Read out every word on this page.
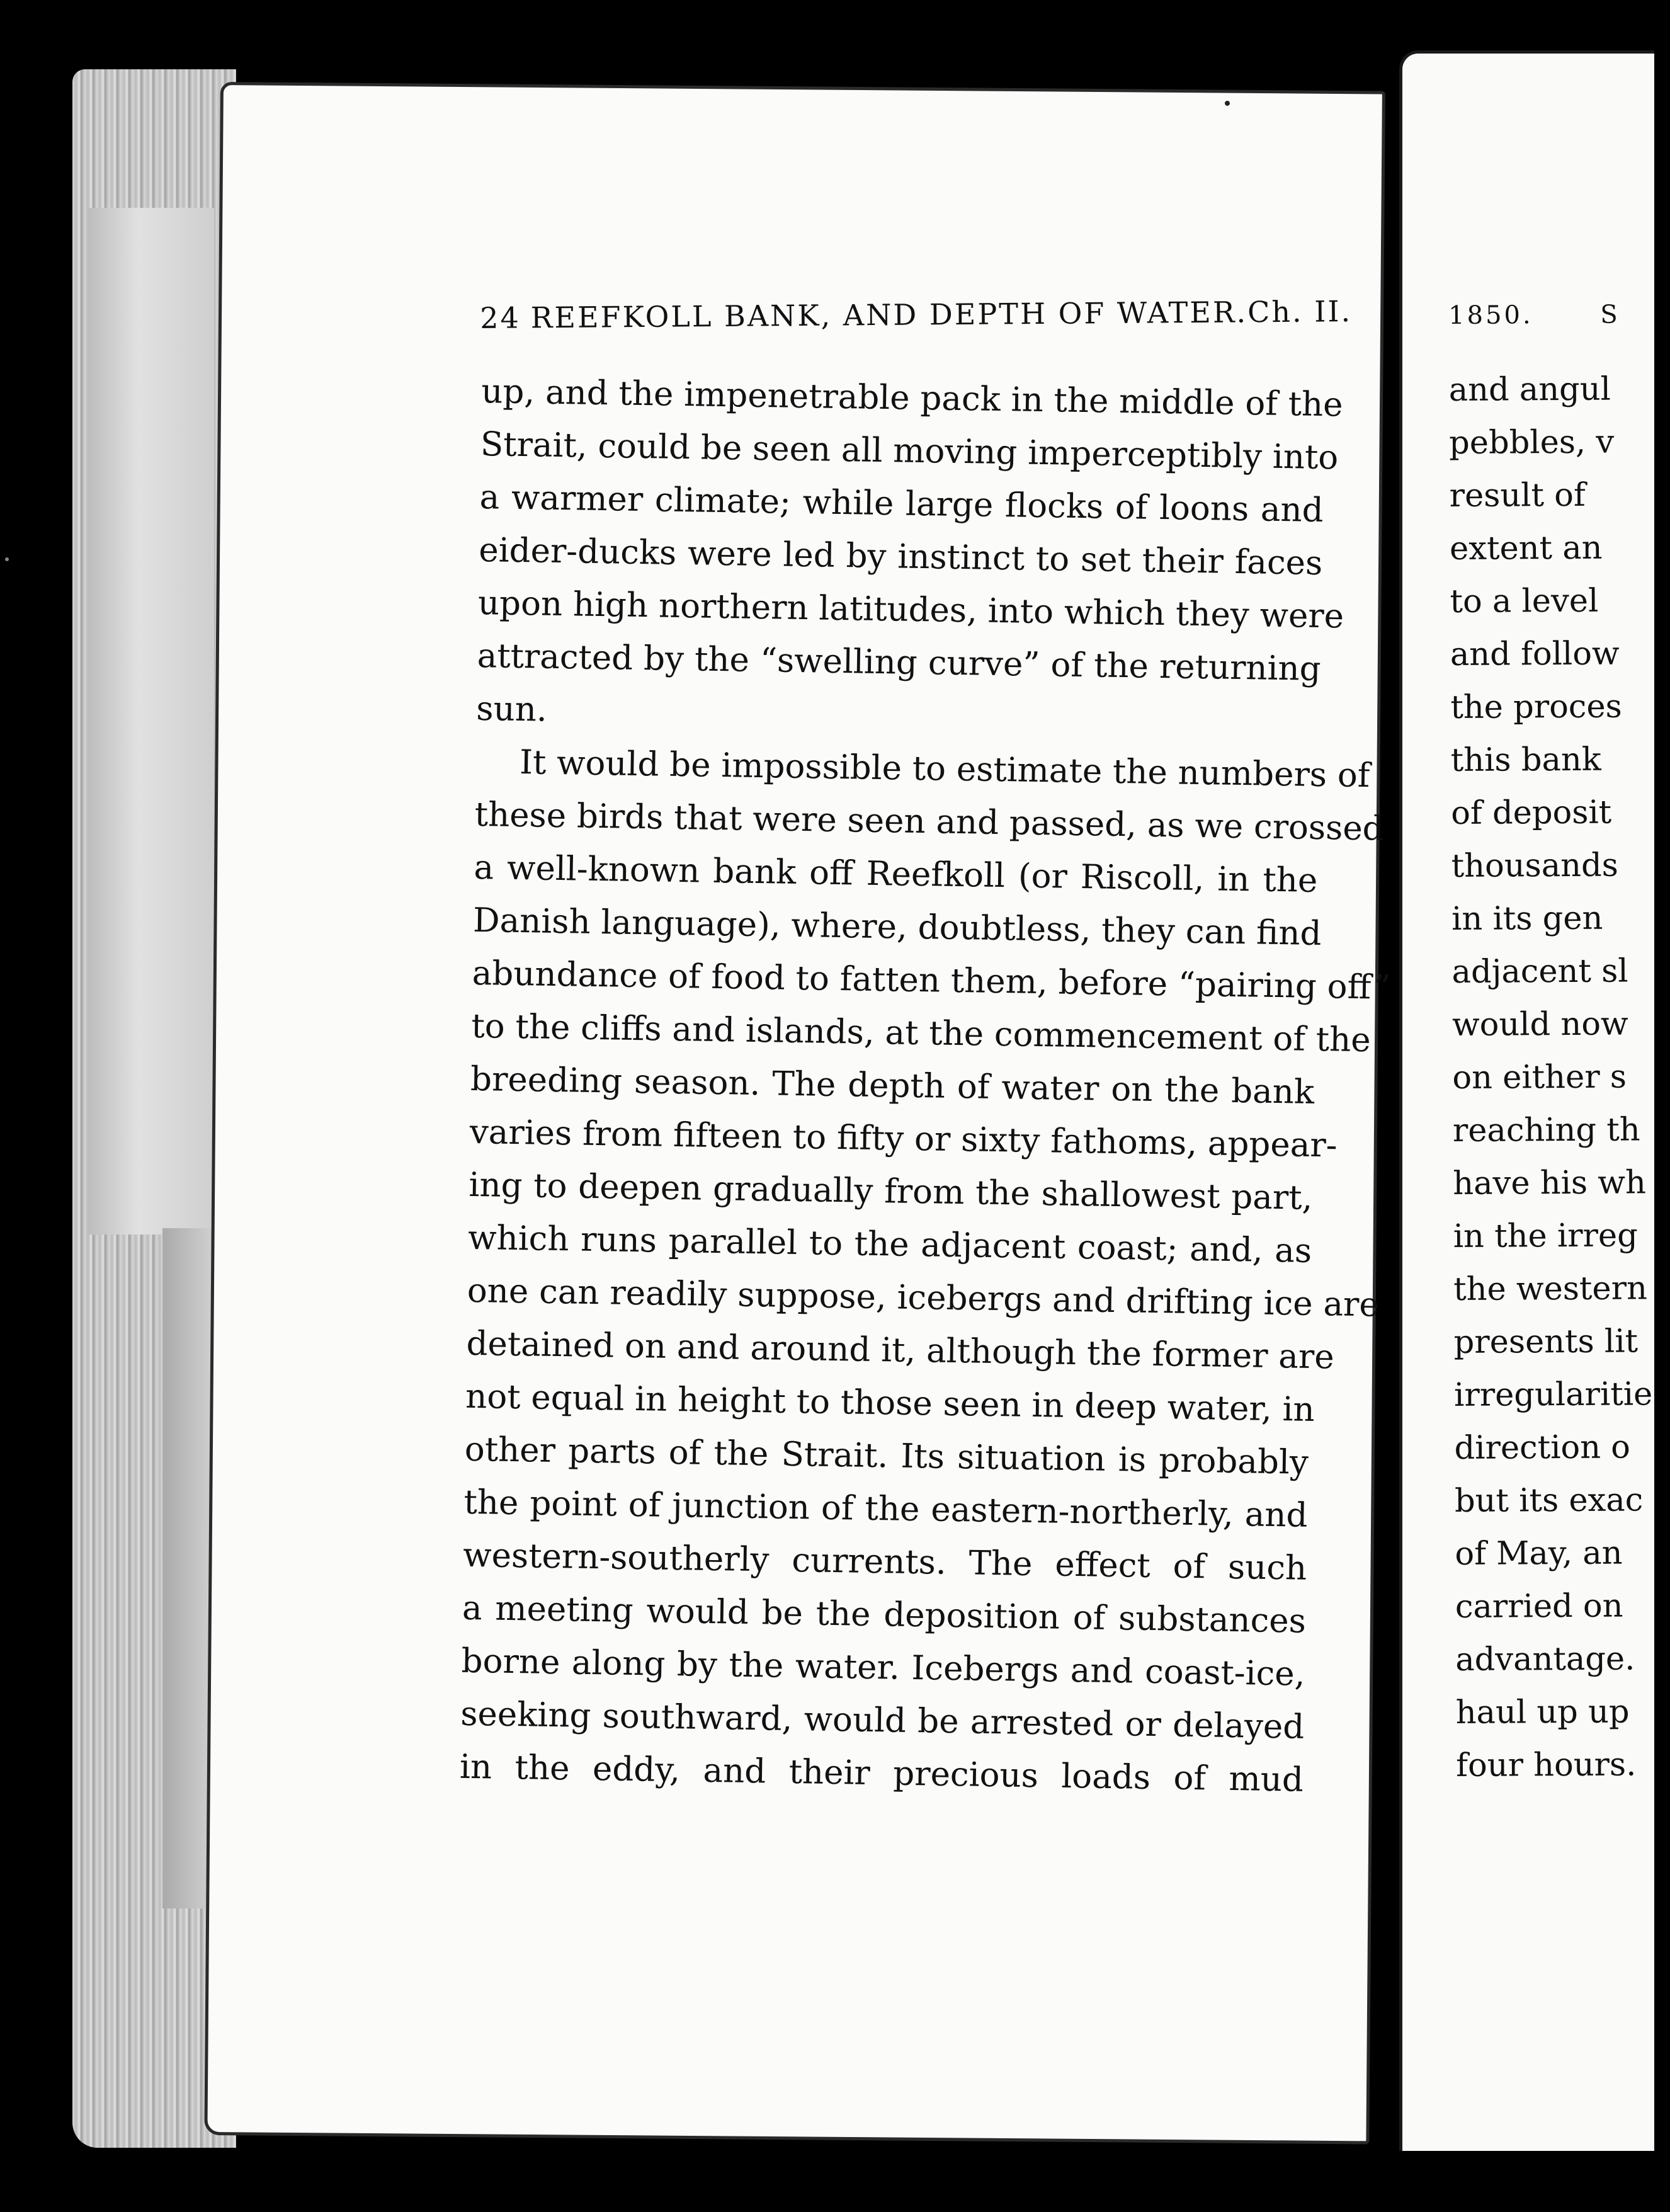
24 REEFKOLL BANK, AND DEPTH OF WATER. Ch. II.
up, and the impenetrable pack in the middle of the
Strait, could be seen all moving imperceptibly into
a warmer climate; while large flocks of loons and
eider-ducks were led by instinct to set their faces
upon high northern latitudes, into which they were
attracted by the “swelling curve” of the returning
sun.
It would be impossible to estimate the numbers of
these birds that were seen and passed, as we crossed
a well-known bank off Reefkoll (or Riscoll, in the
Danish language), where, doubtless, they can find
abundance of food to fatten them, before “pairing off”
to the cliffs and islands, at the commencement of the
breeding season. The depth of water on the bank
varies from fifteen to fifty or sixty fathoms, appear-
ing to deepen gradually from the shallowest part,
which runs parallel to the adjacent coast; and, as
one can readily suppose, icebergs and drifting ice are
detained on and around it, although the former are
not equal in height to those seen in deep water, in
other parts of the Strait. Its situation is probably
the point of junction of the eastern-northerly, and
western-southerly currents. The effect of such
a meeting would be the deposition of substances
borne along by the water. Icebergs and coast-ice,
seeking southward, would be arrested or delayed
in the eddy, and their precious loads of mud
1850.	S
and angul
pebbles, v
result of
extent an
to a level
and follow
the proces
this bank
of deposit
thousands
in its gen
adjacent sl
would now
on either s
reaching th
have his wh
in the irreg
the western
presents lit
irregularitie
direction o
but its exac
of May, an
carried on
advantage.
haul up up
four hours.
